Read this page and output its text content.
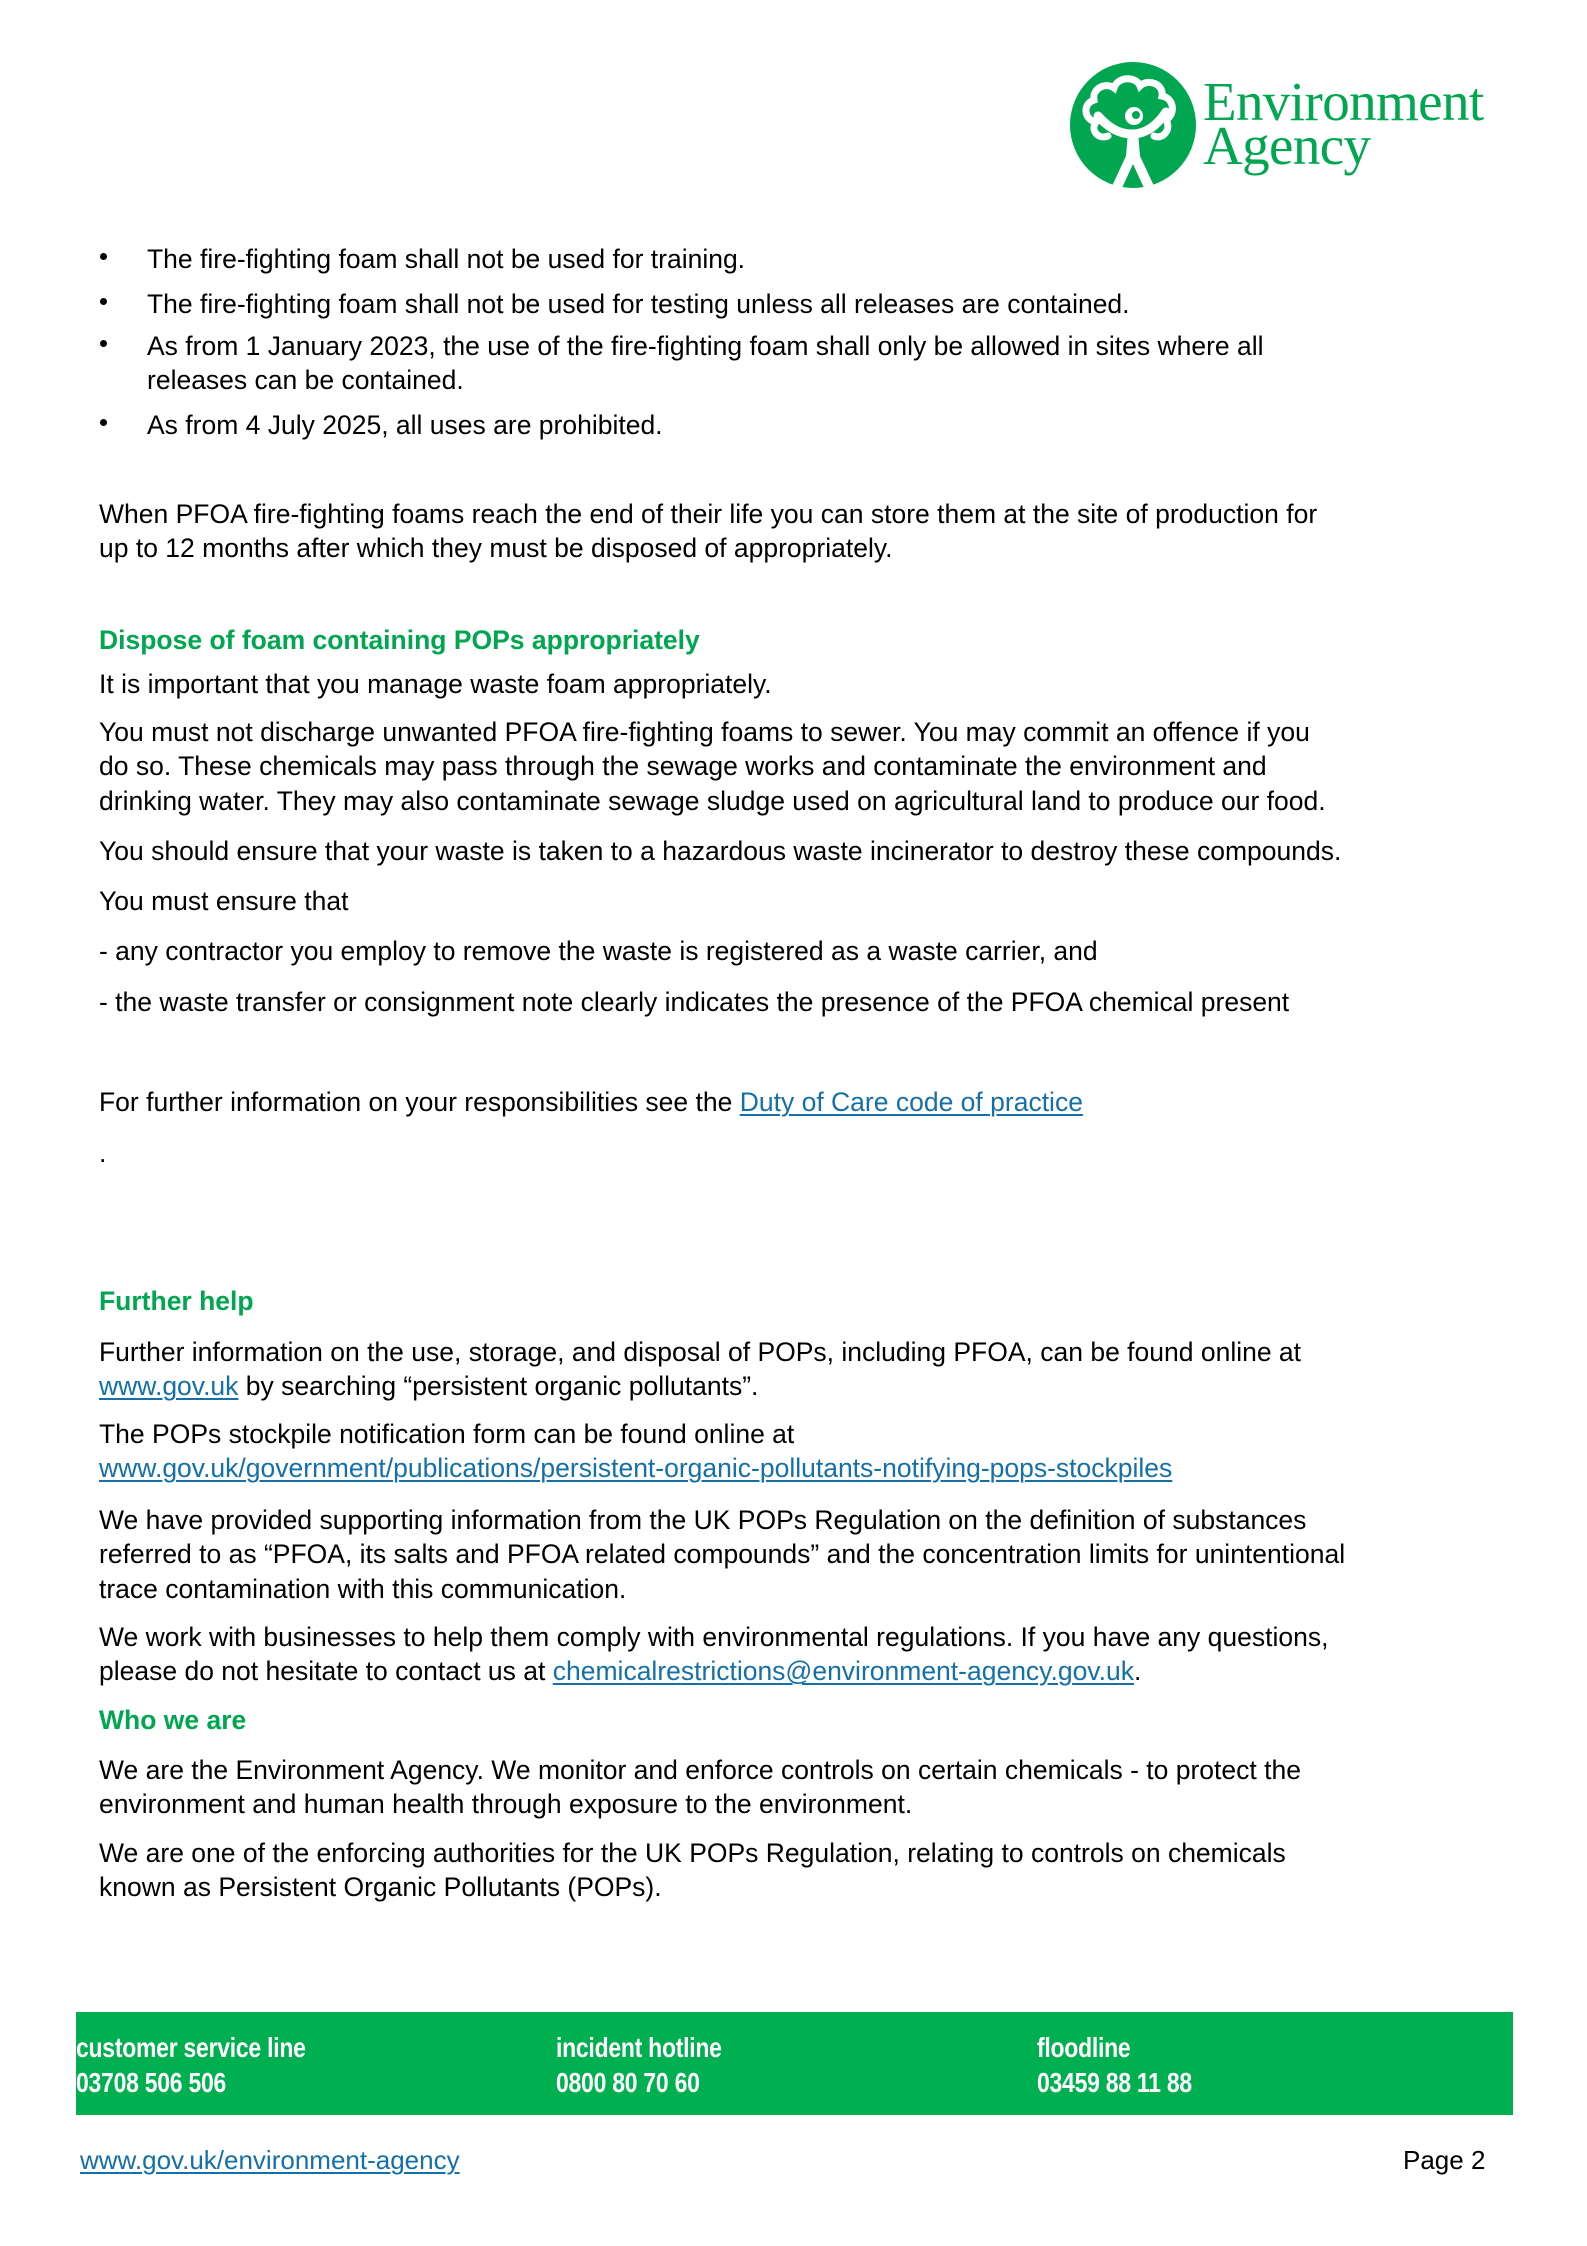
Environment
Agency
The fire-fighting foam shall not be used for training.
The fire-fighting foam shall not be used for testing unless all releases are contained.
As from 1 January 2023, the use of the fire-fighting foam shall only be allowed in sites where all
releases can be contained.
As from 4 July 2025, all uses are prohibited.
When PFOA fire-fighting foams reach the end of their life you can store them at the site of production for
up to 12 months after which they must be disposed of appropriately.
Dispose of foam containing POPs appropriately
It is important that you manage waste foam appropriately.
You must not discharge unwanted PFOA fire-fighting foams to sewer. You may commit an offence if you
do so. These chemicals may pass through the sewage works and contaminate the environment and
drinking water. They may also contaminate sewage sludge used on agricultural land to produce our food.
You should ensure that your waste is taken to a hazardous waste incinerator to destroy these compounds.
You must ensure that
- any contractor you employ to remove the waste is registered as a waste carrier, and
- the waste transfer or consignment note clearly indicates the presence of the PFOA chemical present
For further information on your responsibilities see the Duty of Care code of practice
.
Further help
Further information on the use, storage, and disposal of POPs, including PFOA, can be found online at
www.gov.uk by searching “persistent organic pollutants”.
The POPs stockpile notification form can be found online at
www.gov.uk/government/publications/persistent-organic-pollutants-notifying-pops-stockpiles
We have provided supporting information from the UK POPs Regulation on the definition of substances
referred to as “PFOA, its salts and PFOA related compounds” and the concentration limits for unintentional
trace contamination with this communication.
We work with businesses to help them comply with environmental regulations. If you have any questions,
please do not hesitate to contact us at chemicalrestrictions@environment-agency.gov.uk.
Who we are
We are the Environment Agency. We monitor and enforce controls on certain chemicals - to protect the
environment and human health through exposure to the environment.
We are one of the enforcing authorities for the UK POPs Regulation, relating to controls on chemicals
known as Persistent Organic Pollutants (POPs).
customer service line
03708 506 506
incident hotline
0800 80 70 60
floodline
03459 88 11 88
www.gov.uk/environment-agency	Page 2
